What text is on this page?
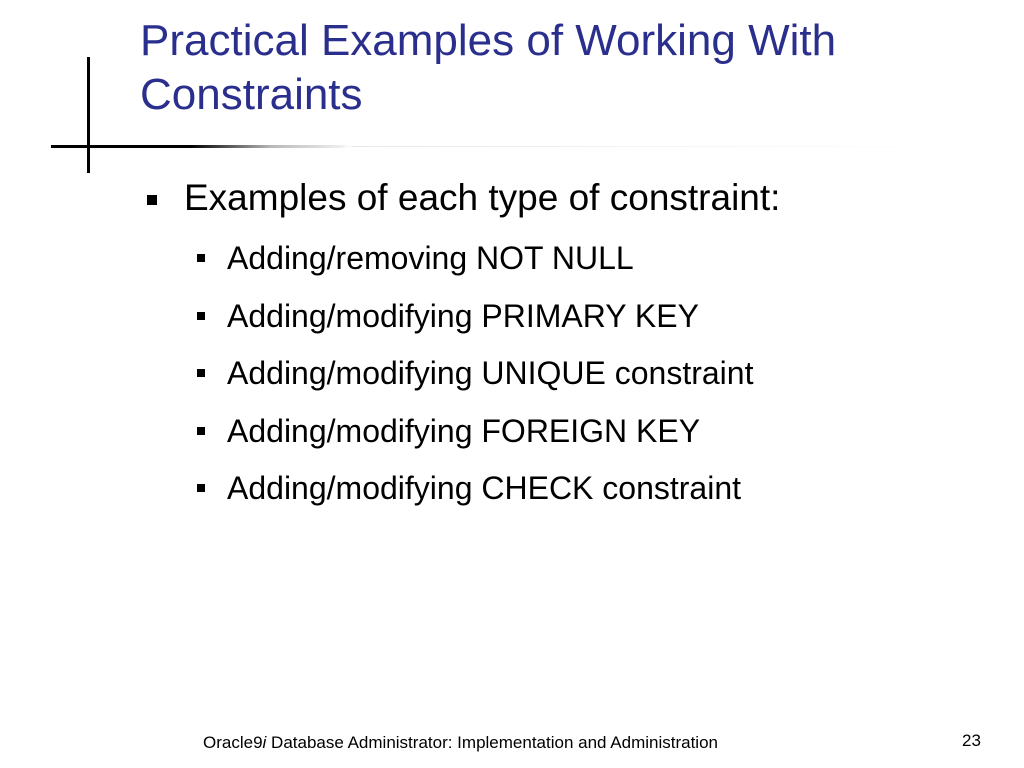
Practical Examples of Working With
Constraints
Examples of each type of constraint:
Adding/removing NOT NULL
Adding/modifying PRIMARY KEY
Adding/modifying UNIQUE constraint
Adding/modifying FOREIGN KEY
Adding/modifying CHECK constraint
Oracle9i Database Administrator: Implementation and Administration	23
